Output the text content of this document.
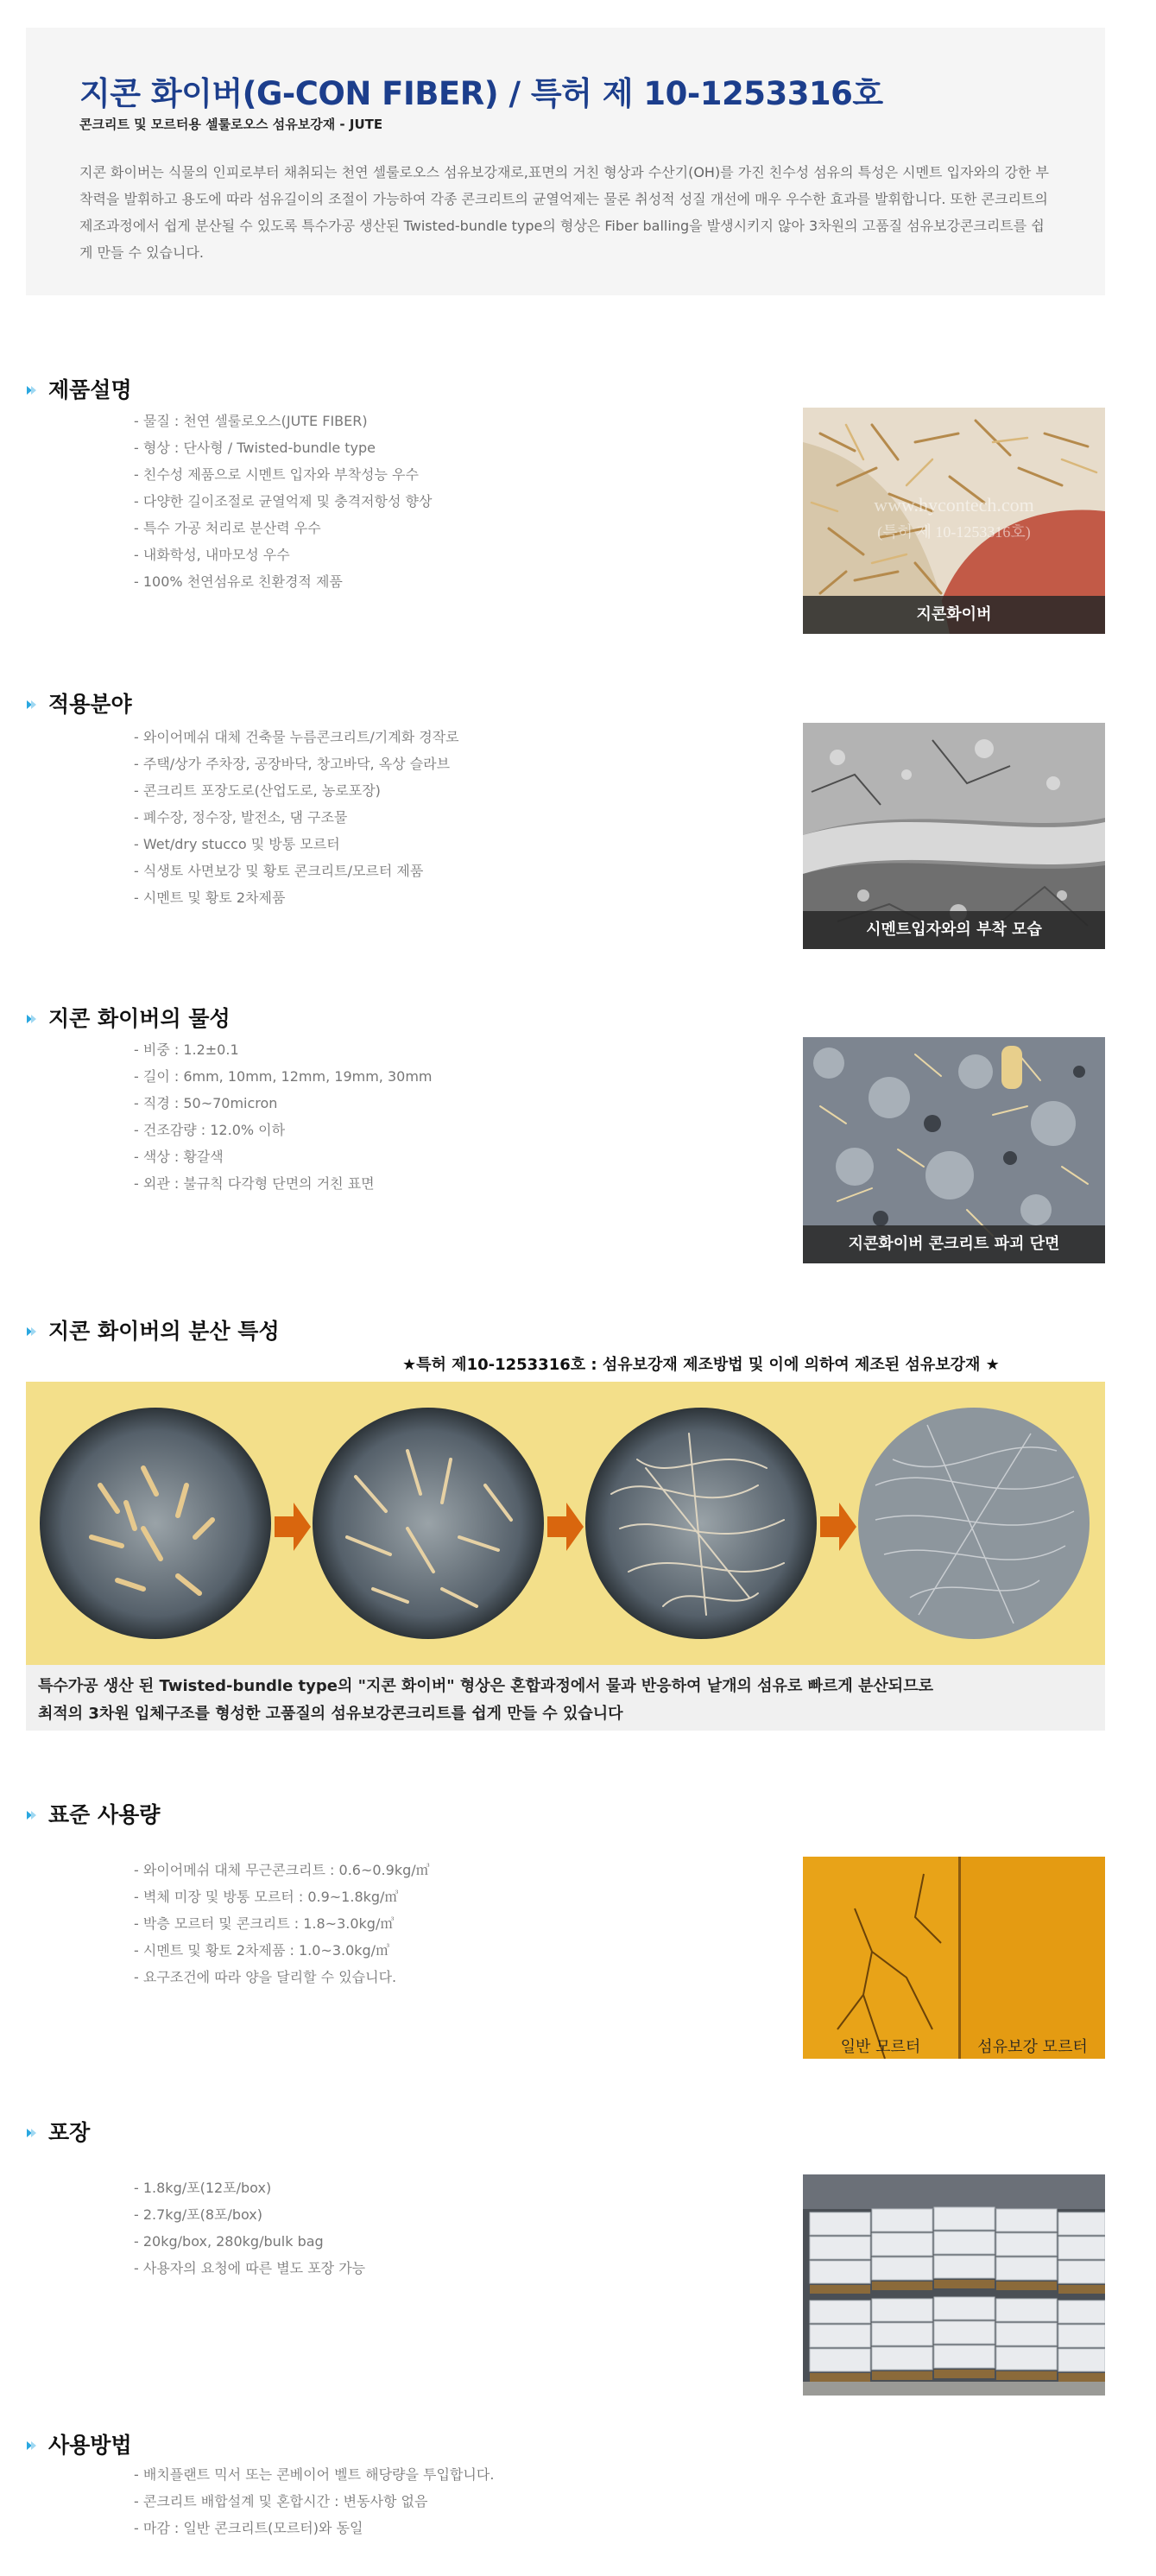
지콘 화이버(G-CON FIBER) / 특허 제 10-1253316호
콘크리트 및 모르터용 셀룰로오스 섬유보강재 - JUTE
지콘 화이버는 식물의 인피로부터 채취되는 천연 셀룰로오스 섬유보강재로,표면의 거친 형상과 수산기(OH)를 가진 친수성 섬유의 특성은 시멘트 입자와의 강한 부착력을 발휘하고 용도에 따라 섬유길이의 조절이 가능하여 각종 콘크리트의 균열억제는 물론 취성적 성질 개선에 매우 우수한 효과를 발휘합니다. 또한 콘크리트의 제조과정에서 쉽게 분산될 수 있도록 특수가공 생산된 Twisted-bundle type의 형상은 Fiber balling을 발생시키지 않아 3차원의 고품질 섬유보강콘크리트를 쉽게 만들 수 있습니다.
제품설명
- 물질 : 천연 셀룰로오스(JUTE FIBER)
- 형상 : 단사형 / Twisted-bundle type
- 친수성 제품으로 시멘트 입자와 부착성능 우수
- 다양한 길이조절로 균열억제 및 충격저항성 향상
- 특수 가공 처리로 분산력 우수
- 내화학성, 내마모성 우수
- 100% 천연섬유로 친환경적 제품
www.hycontech.com
(특허 제 10-1253316호)
지콘화이버
적용분야
- 와이어메쉬 대체 건축물 누름콘크리트/기계화 경작로
- 주택/상가 주차장, 공장바닥, 창고바닥, 옥상 슬라브
- 콘크리트 포장도로(산업도로, 농로포장)
- 폐수장, 정수장, 발전소, 댐 구조물
- Wet/dry stucco 및 방통 모르터
- 식생토 사면보강 및 황토 콘크리트/모르터 제품
- 시멘트 및 황토 2차제품
시멘트입자와의 부착 모습
지콘 화이버의 물성
- 비중 : 1.2±0.1
- 길이 : 6mm, 10mm, 12mm, 19mm, 30mm
- 직경 : 50~70micron
- 건조감량 : 12.0% 이하
- 색상 : 황갈색
- 외관 : 불규칙 다각형 단면의 거친 표면
지콘화이버 콘크리트 파괴 단면
지콘 화이버의 분산 특성
★특허 제10-1253316호 : 섬유보강재 제조방법 및 이에 의하여 제조된 섬유보강재 ★

특수가공 생산 된 Twisted-bundle type의 "지콘 화이버" 형상은 혼합과정에서 물과 반응하여 낱개의 섬유로 빠르게 분산되므로

최적의 3차원 입체구조를 형성한 고품질의 섬유보강콘크리트를 쉽게 만들 수 있습니다

표준 사용량
- 와이어메쉬 대체 무근콘크리트 : 0.6~0.9kg/㎥
- 벽체 미장 및 방통 모르터 : 0.9~1.8kg/㎥
- 박층 모르터 및 콘크리트 : 1.8~3.0kg/㎥
- 시멘트 및 황토 2차제품 : 1.0~3.0kg/㎥
- 요구조건에 따라 양을 달리할 수 있습니다.
일반 모르터	섬유보강 모르터
포장
- 1.8kg/포(12포/box)
- 2.7kg/포(8포/box)
- 20kg/box, 280kg/bulk bag
- 사용자의 요청에 따른 별도 포장 가능
사용방법
- 배치플랜트 믹서 또는 콘베이어 벨트 해당량을 투입합니다.
- 콘크리트 배합설계 및 혼합시간 : 변동사항 없음
- 마감 : 일반 콘크리트(모르터)와 동일
